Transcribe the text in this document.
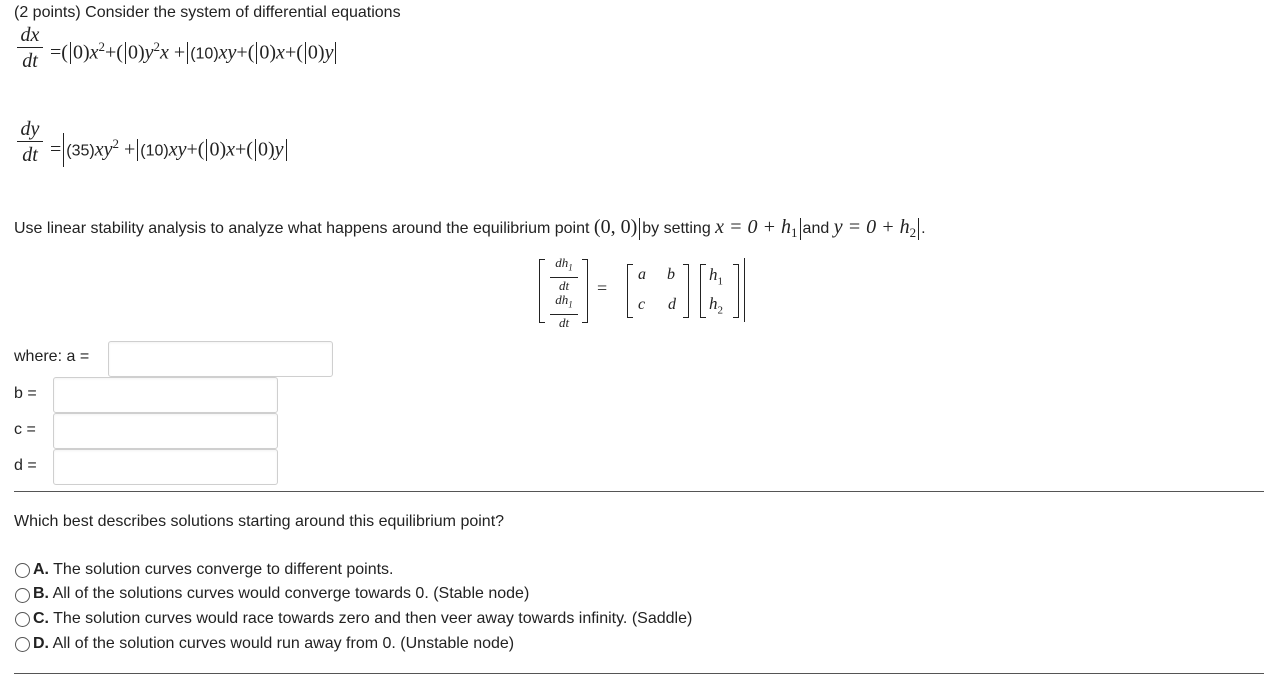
(2 points) Consider the system of differential equations
dx
dt =( $0)x^2+$( $0)y^2x + (10)xy+$( 0)x+( 0)y
dy
dt = $(35)xy^2 + (10)xy+$( 0)x+( 0)y
Use linear stability analysis to analyze what happens around the equilibrium point (0, 0) by setting $x = 0 + h_1$ and $y = 0 + h_2$ .
$dh_1$
dt
$dh_1$
dt
=
a b
c d
$h_1$
$h_2$
where: a =
b =
c =
d =
Which best describes solutions starting around this equilibrium point?
A. The solution curves converge to different points.
B. All of the solutions curves would converge towards 0. (Stable node)
C. The solution curves would race towards zero and then veer away towards infinity. (Saddle)
D. All of the solution curves would run away from 0. (Unstable node)
